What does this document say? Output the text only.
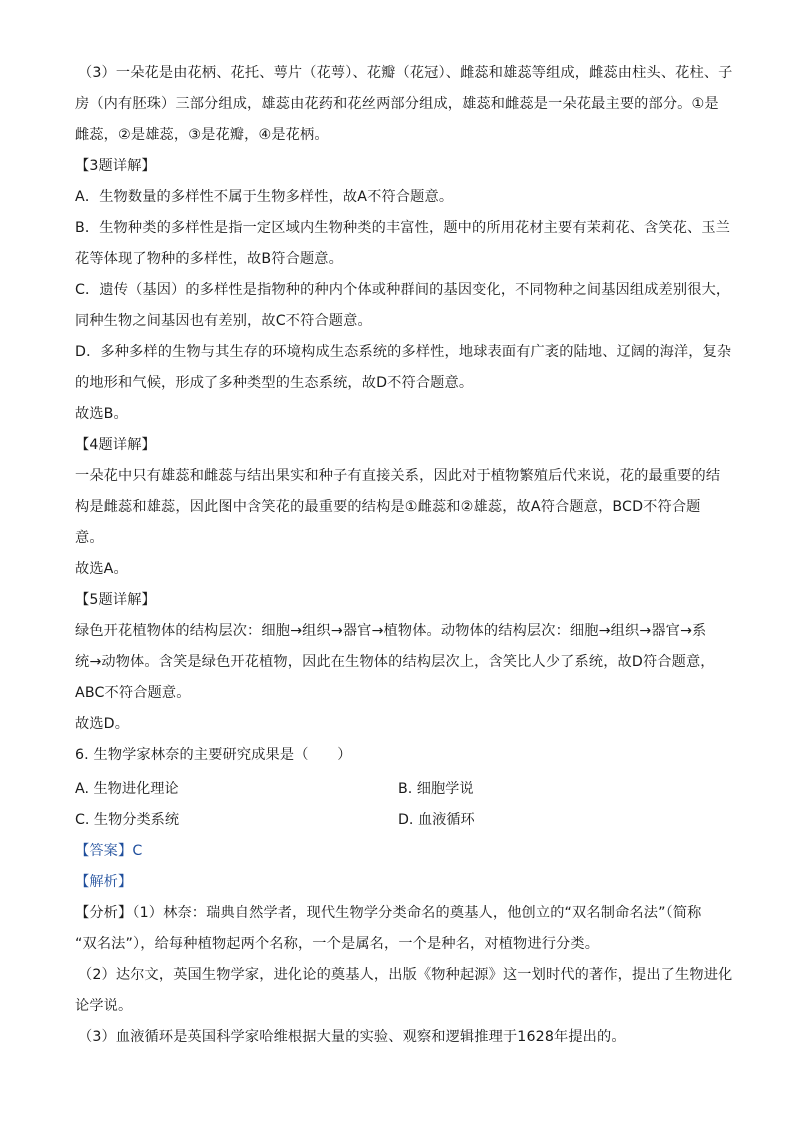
（3）一朵花是由花柄、花托、萼片（花萼）、花瓣（花冠）、雌蕊和雄蕊等组成，雌蕊由柱头、花柱、子
房（内有胚珠）三部分组成，雄蕊由花药和花丝两部分组成，雄蕊和雌蕊是一朵花最主要的部分。①是
雌蕊，②是雄蕊，③是花瓣，④是花柄。
【3题详解】
A．生物数量的多样性不属于生物多样性，故A不符合题意。
B．生物种类的多样性是指一定区域内生物种类的丰富性，题中的所用花材主要有茉莉花、含笑花、玉兰
花等体现了物种的多样性，故B符合题意。
C．遗传（基因）的多样性是指物种的种内个体或种群间的基因变化，不同物种之间基因组成差别很大，
同种生物之间基因也有差别，故C不符合题意。
D．多种多样的生物与其生存的环境构成生态系统的多样性，地球表面有广袤的陆地、辽阔的海洋，复杂
的地形和气候，形成了多种类型的生态系统，故D不符合题意。
故选B。
【4题详解】
一朵花中只有雄蕊和雌蕊与结出果实和种子有直接关系，因此对于植物繁殖后代来说，花的最重要的结
构是雌蕊和雄蕊，因此图中含笑花的最重要的结构是①雌蕊和②雄蕊，故A符合题意，BCD不符合题
意。
故选A。
【5题详解】
绿色开花植物体的结构层次：细胞→组织→器官→植物体。动物体的结构层次：细胞→组织→器官→系
统→动物体。含笑是绿色开花植物，因此在生物体的结构层次上，含笑比人少了系统，故D符合题意，
ABC不符合题意。
故选D。
6. 生物学家林奈的主要研究成果是（　　）
A. 生物进化理论	B. 细胞学说
C. 生物分类系统	D. 血液循环
【答案】C
【解析】
【分析】（1）林奈：瑞典自然学者，现代生物学分类命名的奠基人，他创立的“双名制命名法”（简称
“双名法”），给每种植物起两个名称，一个是属名，一个是种名，对植物进行分类。
（2）达尔文，英国生物学家，进化论的奠基人，出版《物种起源》这一划时代的著作，提出了生物进化
论学说。
（3）血液循环是英国科学家哈维根据大量的实验、观察和逻辑推理于1628年提出的。
